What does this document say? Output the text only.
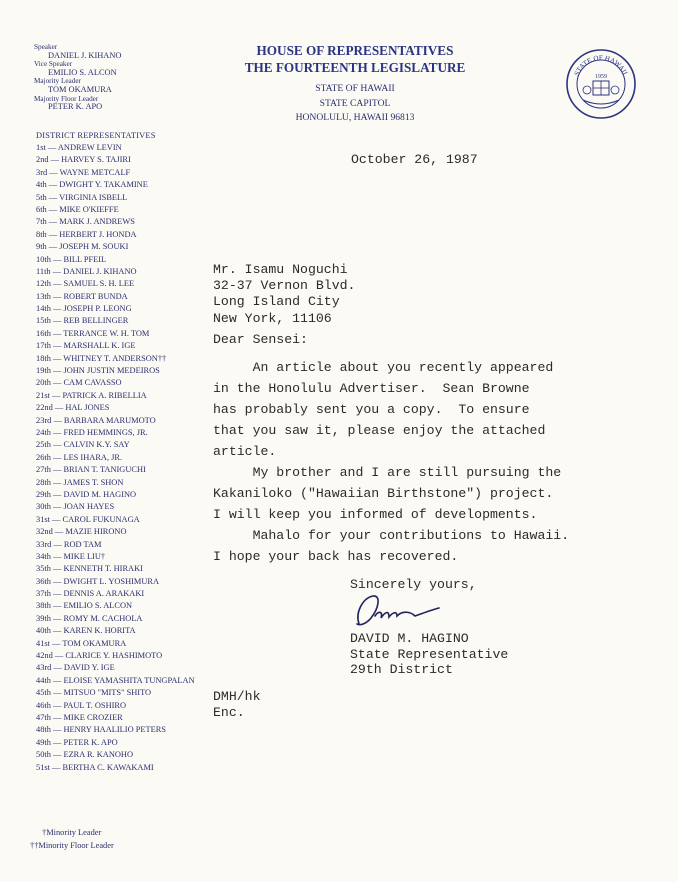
Speaker
DANIEL J. KIHANO
Vice Speaker
EMILIO S. ALCON
Majority Leader
TOM OKAMURA
Majority Floor Leader
PETER K. APO
DISTRICT REPRESENTATIVES
1st — ANDREW LEVIN
2nd — HARVEY S. TAJIRI
3rd — WAYNE METCALF
4th — DWIGHT Y. TAKAMINE
5th — VIRGINIA ISBELL
6th — MIKE O'KIEFFE
7th — MARK J. ANDREWS
8th — HERBERT J. HONDA
9th — JOSEPH M. SOUKI
10th — BILL PFEIL
11th — DANIEL J. KIHANO
12th — SAMUEL S. H. LEE
13th — ROBERT BUNDA
14th — JOSEPH P. LEONG
15th — REB BELLINGER
16th — TERRANCE W. H. TOM
17th — MARSHALL K. IGE
18th — WHITNEY T. ANDERSON††
19th — JOHN JUSTIN MEDEIROS
20th — CAM CAVASSO
21st — PATRICK A. RIBELLIA
22nd — HAL JONES
23rd — BARBARA MARUMOTO
24th — FRED HEMMINGS, JR.
25th — CALVIN K.Y. SAY
26th — LES IHARA, JR.
27th — BRIAN T. TANIGUCHI
28th — JAMES T. SHON
29th — DAVID M. HAGINO
30th — JOAN HAYES
31st — CAROL FUKUNAGA
32nd — MAZIE HIRONO
33rd — ROD TAM
34th — MIKE LIU†
35th — KENNETH T. HIRAKI
36th — DWIGHT L. YOSHIMURA
37th — DENNIS A. ARAKAKI
38th — EMILIO S. ALCON
39th — ROMY M. CACHOLA
40th — KAREN K. HORITA
41st — TOM OKAMURA
42nd — CLARICE Y. HASHIMOTO
43rd — DAVID Y. IGE
44th — ELOISE YAMASHITA TUNGPALAN
45th — MITSUO "MITS" SHITO
46th — PAUL T. OSHIRO
47th — MIKE CROZIER
48th — HENRY HAALILIO PETERS
49th — PETER K. APO
50th — EZRA R. KANOHO
51st — BERTHA C. KAWAKAMI
†Minority Leader
††Minority Floor Leader
HOUSE OF REPRESENTATIVES
THE FOURTEENTH LEGISLATURE
STATE OF HAWAII
STATE CAPITOL
HONOLULU, HAWAII 96813
STATE OF HAWAII
1959
October 26, 1987
Mr. Isamu Noguchi
32-37 Vernon Blvd.
Long Island City
New York, 11106
Dear Sensei:
An article about you recently appeared
in the Honolulu Advertiser.  Sean Browne
has probably sent you a copy.  To ensure
that you saw it, please enjoy the attached
article.
My brother and I are still pursuing the
Kakaniloko ("Hawaiian Birthstone") project.
I will keep you informed of developments.
Mahalo for your contributions to Hawaii.
I hope your back has recovered.
Sincerely yours,
DAVID M. HAGINO
State Representative
29th District
DMH/hk
Enc.
